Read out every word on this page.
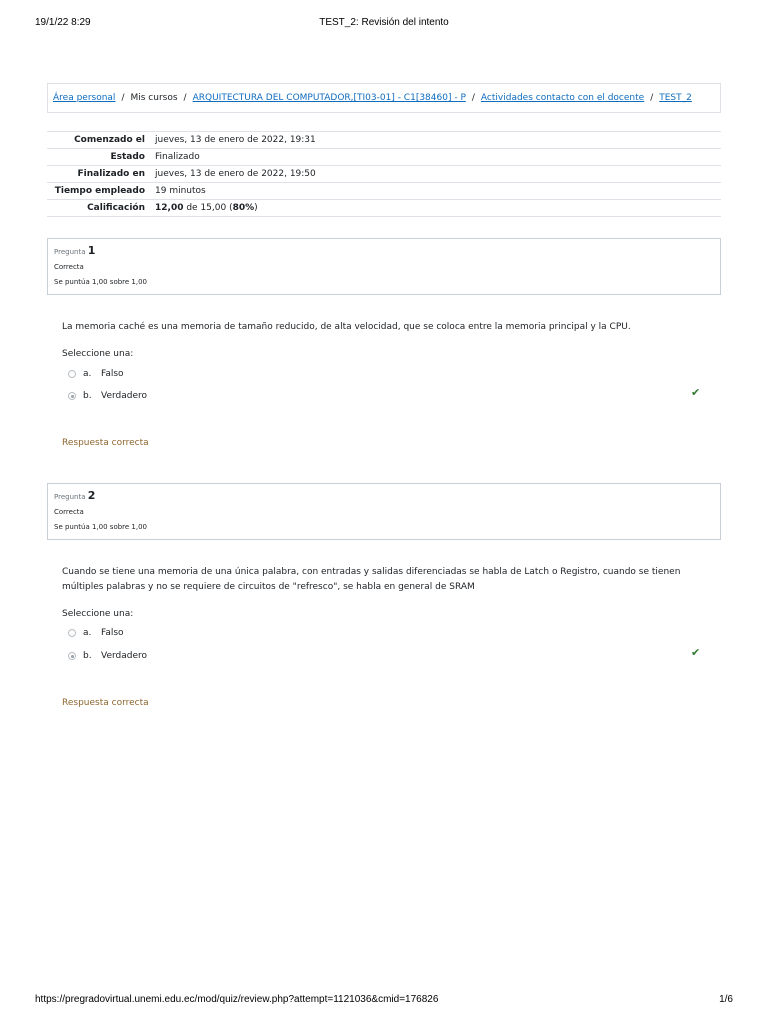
19/1/22 8:29	TEST_2: Revisión del intento
Área personal / Mis cursos / ARQUITECTURA DEL COMPUTADOR,[TI03-01] - C1[38460] - P / Actividades contacto con el docente / TEST_2
Comenzado el	jueves, 13 de enero de 2022, 19:31
Estado	Finalizado
Finalizado en	jueves, 13 de enero de 2022, 19:50
Tiempo empleado	19 minutos
Calificación	12,00 de 15,00 (80%)
Pregunta 1
Correcta
Se puntúa 1,00 sobre 1,00
La memoria caché es una memoria de tamaño reducido, de alta velocidad, que se coloca entre la memoria principal y la CPU.
Seleccione una:
a.	Falso
b.	Verdadero	✔
Respuesta correcta
Pregunta 2
Correcta
Se puntúa 1,00 sobre 1,00
Cuando se tiene una memoria de una única palabra, con entradas y salidas diferenciadas se habla de Latch o Registro, cuando se tienen múltiples palabras y no se requiere de circuitos de "refresco", se habla en general de SRAM
Seleccione una:
a.	Falso
b.	Verdadero	✔
Respuesta correcta
https://pregradovirtual.unemi.edu.ec/mod/quiz/review.php?attempt=1121036&cmid=176826	1/6
